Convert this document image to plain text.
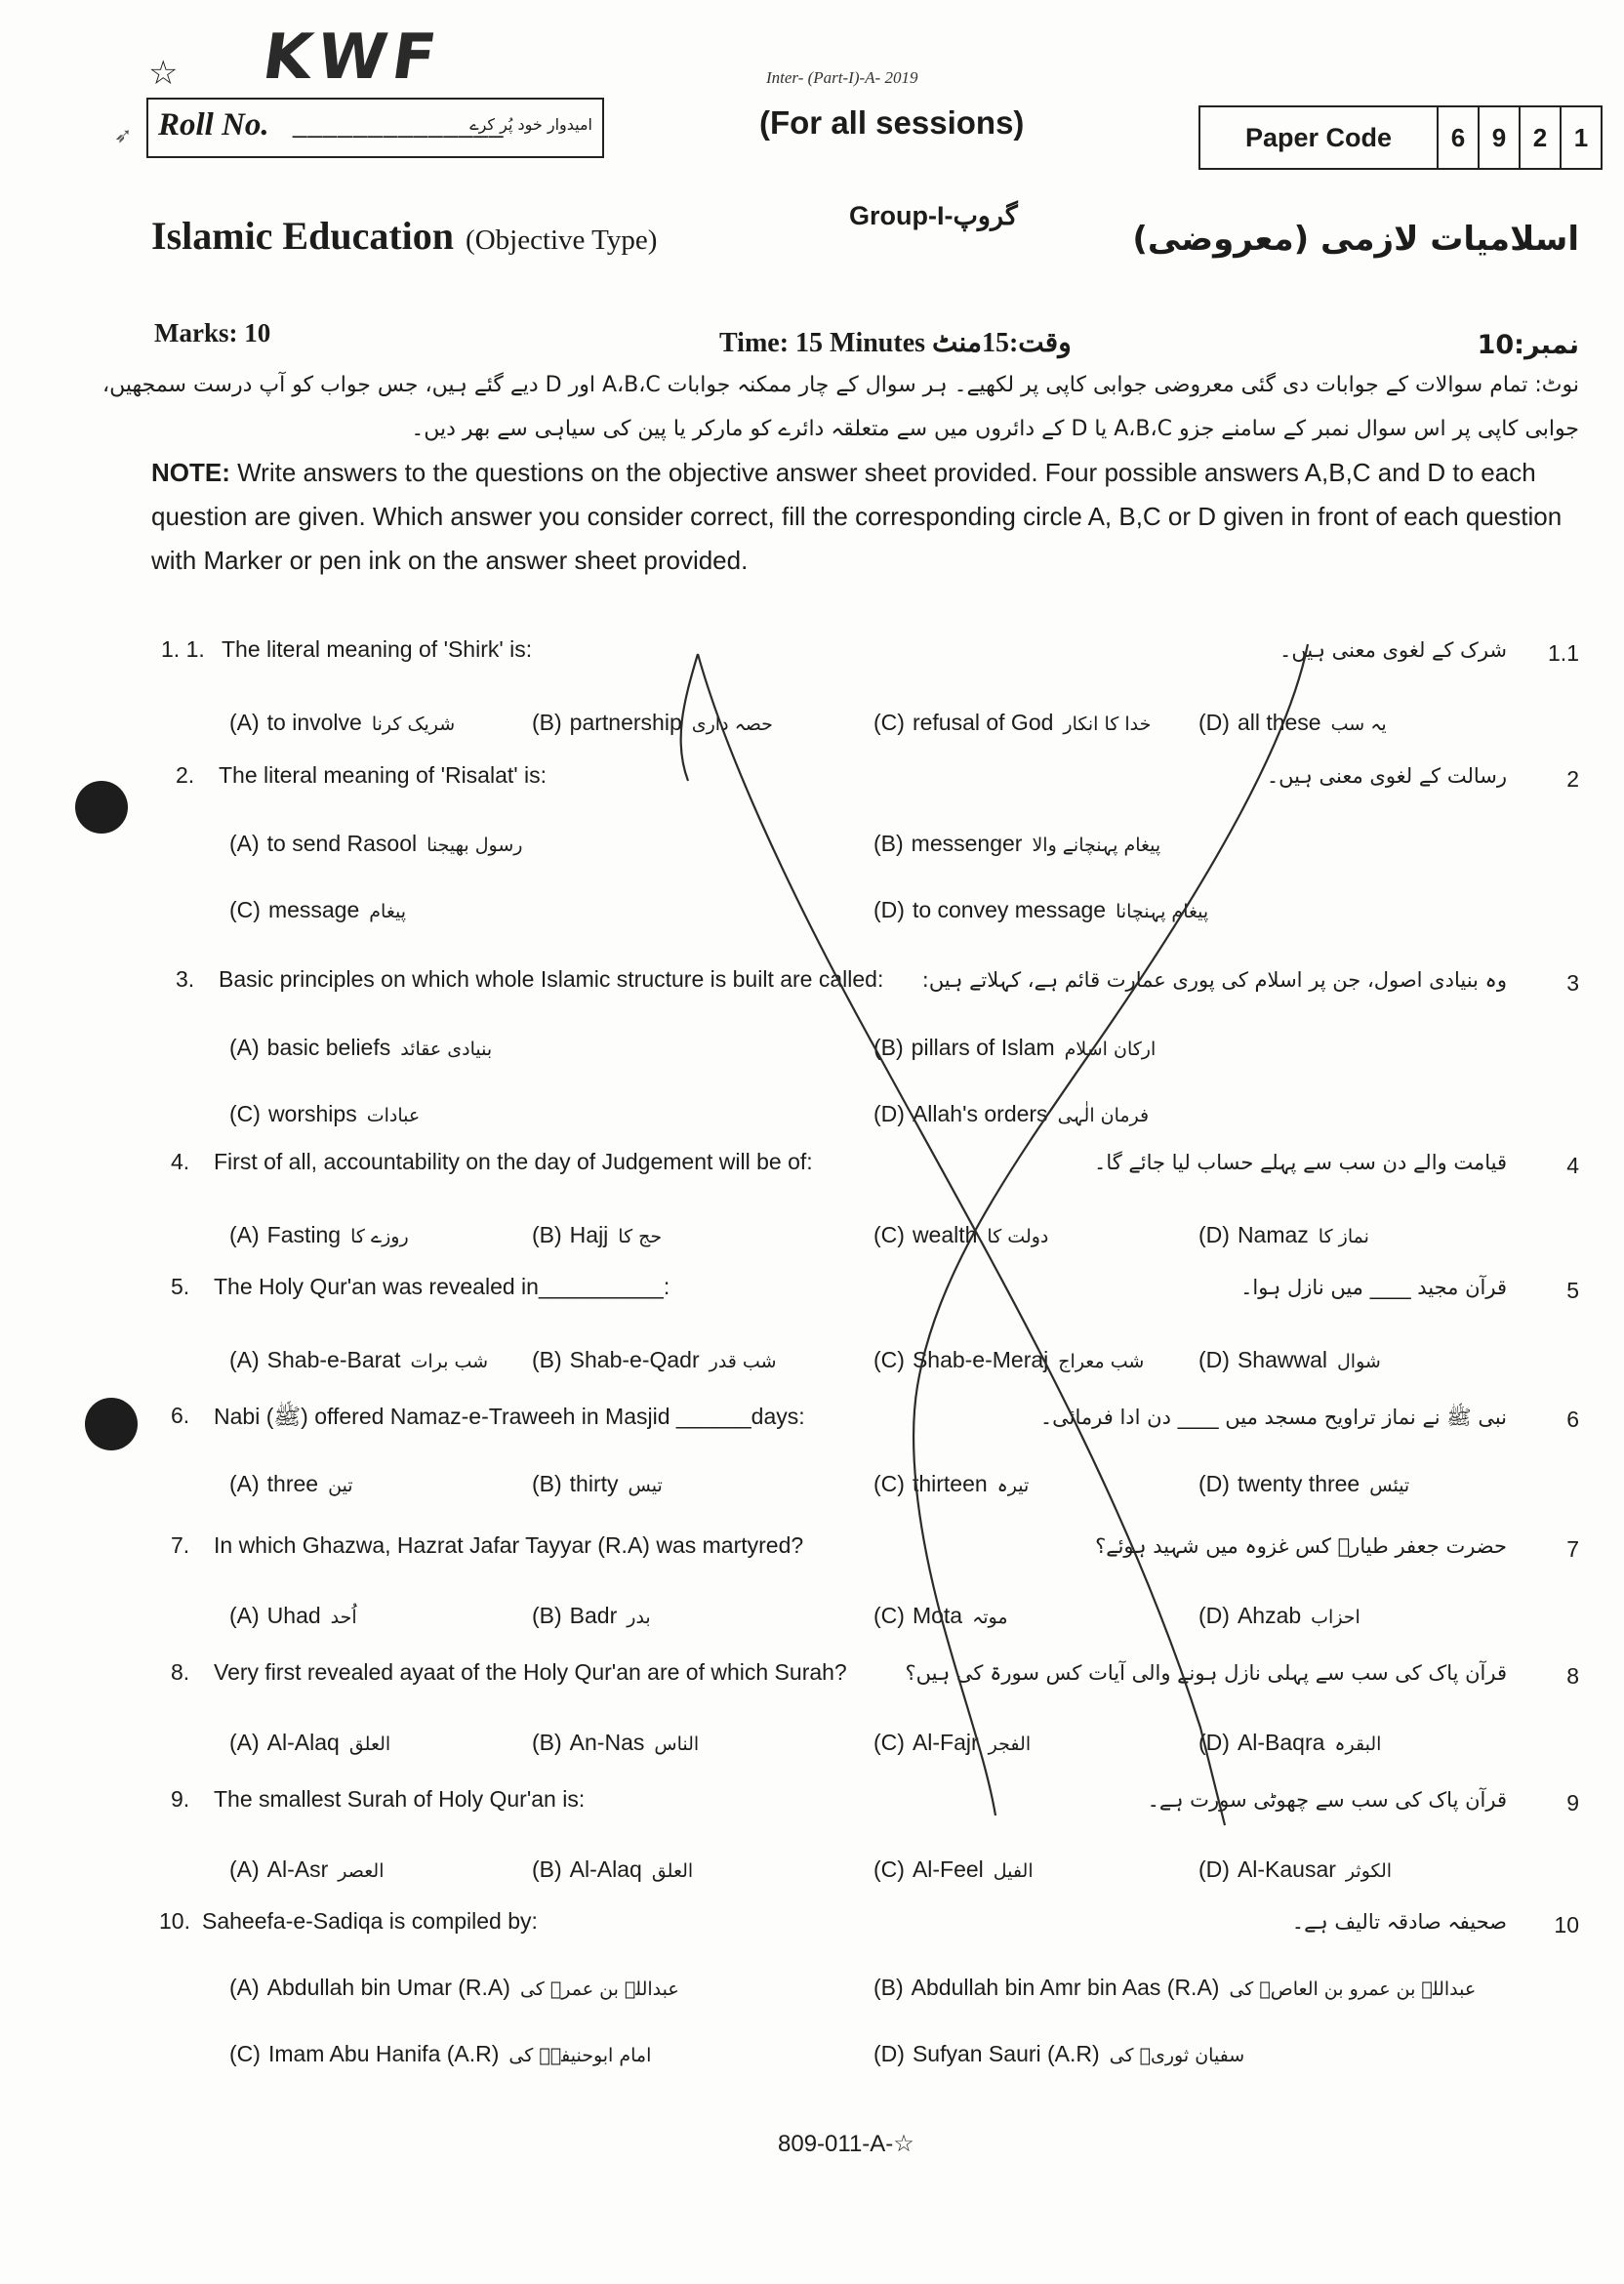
☆ KWF	Inter- (Part-I)-A- 2019
(For all sessions)
➶ Roll No. ______________
امیدوار خود پُر کرے	Paper Code	6	9	2	1
Group-I-گروپ
Islamic Education (Objective Type)	اسلامیات لازمی (معروضی)
Marks: 10	Time: 15 Minutes وقت:15منٹ	نمبر:10
نوٹ: تمام سوالات کے جوابات دی گئی معروضی جوابی کاپی پر لکھیے۔ ہر سوال کے چار ممکنہ جوابات A،B،C اور D دیے گئے ہیں، جس جواب کو آپ درست سمجھیں،
جوابی کاپی پر اس سوال نمبر کے سامنے جزو A،B،C یا D کے دائروں میں سے متعلقہ دائرے کو مارکر یا پین کی سیاہی سے بھر دیں۔
NOTE: Write answers to the questions on the objective answer sheet provided. Four possible answers A,B,C and D to each question are given. Which answer you consider correct, fill the corresponding circle A, B,C or D given in front of each question with Marker or pen ink on the answer sheet provided.
1. 1. The literal meaning of 'Shirk' is:	شرک کے لغوی معنی ہیں۔ 1.1
(A) to involve شریک کرنا	(B) partnership حصہ داری	(C) refusal of God خدا کا انکار (D) all these یہ سب
2. The literal meaning of 'Risalat' is:	رسالت کے لغوی معنی ہیں۔	2
(A) to send Rasool رسول بھیجنا	(B) messenger پیغام پہنچانے والا
(C) message پیغام	(D) to convey message پیغام پہنچانا
3. Basic principles on which whole Islamic structure is built are called: وہ بنیادی اصول، جن پر اسلام کی پوری عمارت قائم ہے، کہلاتے ہیں:	3
(A) basic beliefs بنیادی عقائد	(B) pillars of Islam ارکان اسلام
(C) worships عبادات	(D) Allah's orders فرمان الٰہی
4. First of all, accountability on the day of Judgement will be of:	قیامت والے دن سب سے پہلے حساب لیا جائے گا۔	4
(A) Fasting روزے کا	(B) Hajj حج کا	(C) wealth دولت کا	(D) Namaz نماز کا
5. The Holy Qur'an was revealed in__________:	قرآن مجید ____ میں نازل ہوا۔	5
(A) Shab-e-Barat شب برات (B) Shab-e-Qadr شب قدر	(C) Shab-e-Meraj شب معراج (D) Shawwal شوال
6. Nabi (ﷺ) offered Namaz-e-Traweeh in Masjid ______days:	نبی ﷺ نے نماز تراویح مسجد میں ____ دن ادا فرمائی۔	6
(A) three تین	(B) thirty تیس	(C) thirteen تیرہ	(D) twenty three تیئس
7. In which Ghazwa, Hazrat Jafar Tayyar (R.A) was martyred?	حضرت جعفر طیارؓ کس غزوہ میں شہید ہوئے؟	7
(A) Uhad اُحد	(B) Badr بدر	(C) Mota موتہ	(D) Ahzab احزاب
8. Very first revealed ayaat of the Holy Qur'an are of which Surah?	قرآن پاک کی سب سے پہلی نازل ہونے والی آیات کس سورۃ کی ہیں؟	8
(A) Al-Alaq العلق	(B) An-Nas الناس	(C) Al-Fajr الفجر	(D) Al-Baqra البقرہ
9. The smallest Surah of Holy Qur'an is:	قرآن پاک کی سب سے چھوٹی سورت ہے۔	9
(A) Al-Asr العصر	(B) Al-Alaq العلق	(C) Al-Feel الفیل	(D) Al-Kausar الکوثر
10. Saheefa-e-Sadiqa is compiled by:	صحیفہ صادقہ تالیف ہے۔ 10
(A) Abdullah bin Umar (R.A) عبداللہ بن عمرؓ کی	(B) Abdullah bin Amr bin Aas (R.A) عبداللہ بن عمرو بن العاصؓ کی
(C) Imam Abu Hanifa (A.R) امام ابوحنیفہؒ کی	(D) Sufyan Sauri (A.R) سفیان ثوریؒ کی
809-011-A-☆
